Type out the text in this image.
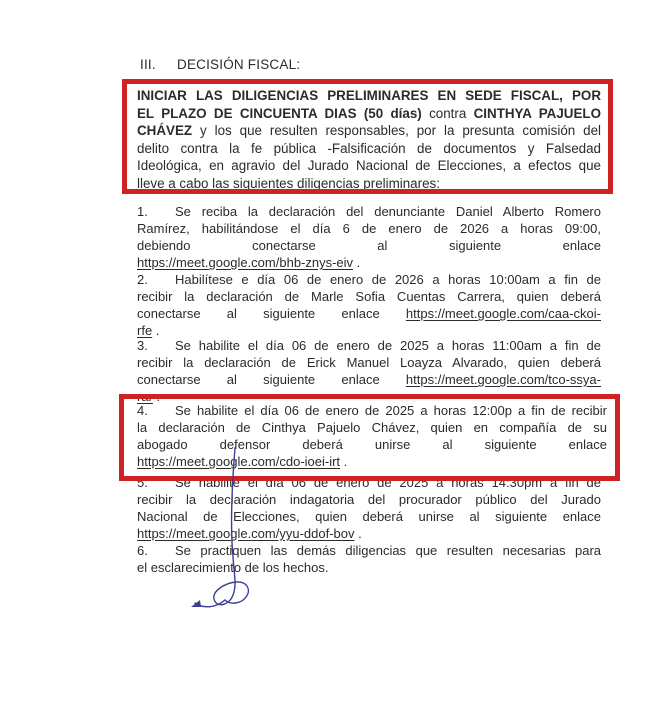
III.	DECISIÓN FISCAL:
INICIAR LAS DILIGENCIAS PRELIMINARES EN SEDE FISCAL, POR
EL PLAZO DE CINCUENTA DIAS (50 días) contra CINTHYA PAJUELO
CHÁVEZ y los que resulten responsables, por la presunta comisión del
delito contra la fe pública -Falsificación de documentos y Falsedad
Ideológica, en agravio del Jurado Nacional de Elecciones, a efectos que
lleve a cabo las siguientes diligencias preliminares:
1. Se reciba la declaración del denunciante Daniel Alberto Romero
Ramírez, habilitándose el día 6 de enero de 2026 a horas 09:00,
debiendo conectarse al siguiente enlace
https://meet.google.com/bhb-znys-eiv .
2. Habilítese e día 06 de enero de 2026 a horas 10:00am a fin de
recibir la declaración de Marle Sofia Cuentas Carrera, quien deberá
conectarse al siguiente enlace https://meet.google.com/caa-ckoi-
rfe .
3. Se habilite el día 06 de enero de 2025 a horas 11:00am a fin de
recibir la declaración de Erick Manuel Loayza Alvarado, quien deberá
conectarse al siguiente enlace https://meet.google.com/tco-ssya-
rar .
4. Se habilite el día 06 de enero de 2025 a horas 12:00p a fin de recibir
la declaración de Cinthya Pajuelo Chávez, quien en compañía de su
abogado defensor deberá unirse al siguiente enlace
https://meet.google.com/cdo-ioei-irt .
5. Se habilite el día 06 de enero de 2025 a horas 14:30pm a fin de
recibir la declaración indagatoria del procurador público del Jurado
Nacional de Elecciones, quien deberá unirse al siguiente enlace
https://meet.google.com/yyu-ddof-bov .
6. Se practiquen las demás diligencias que resulten necesarias para
el esclarecimiento de los hechos.
